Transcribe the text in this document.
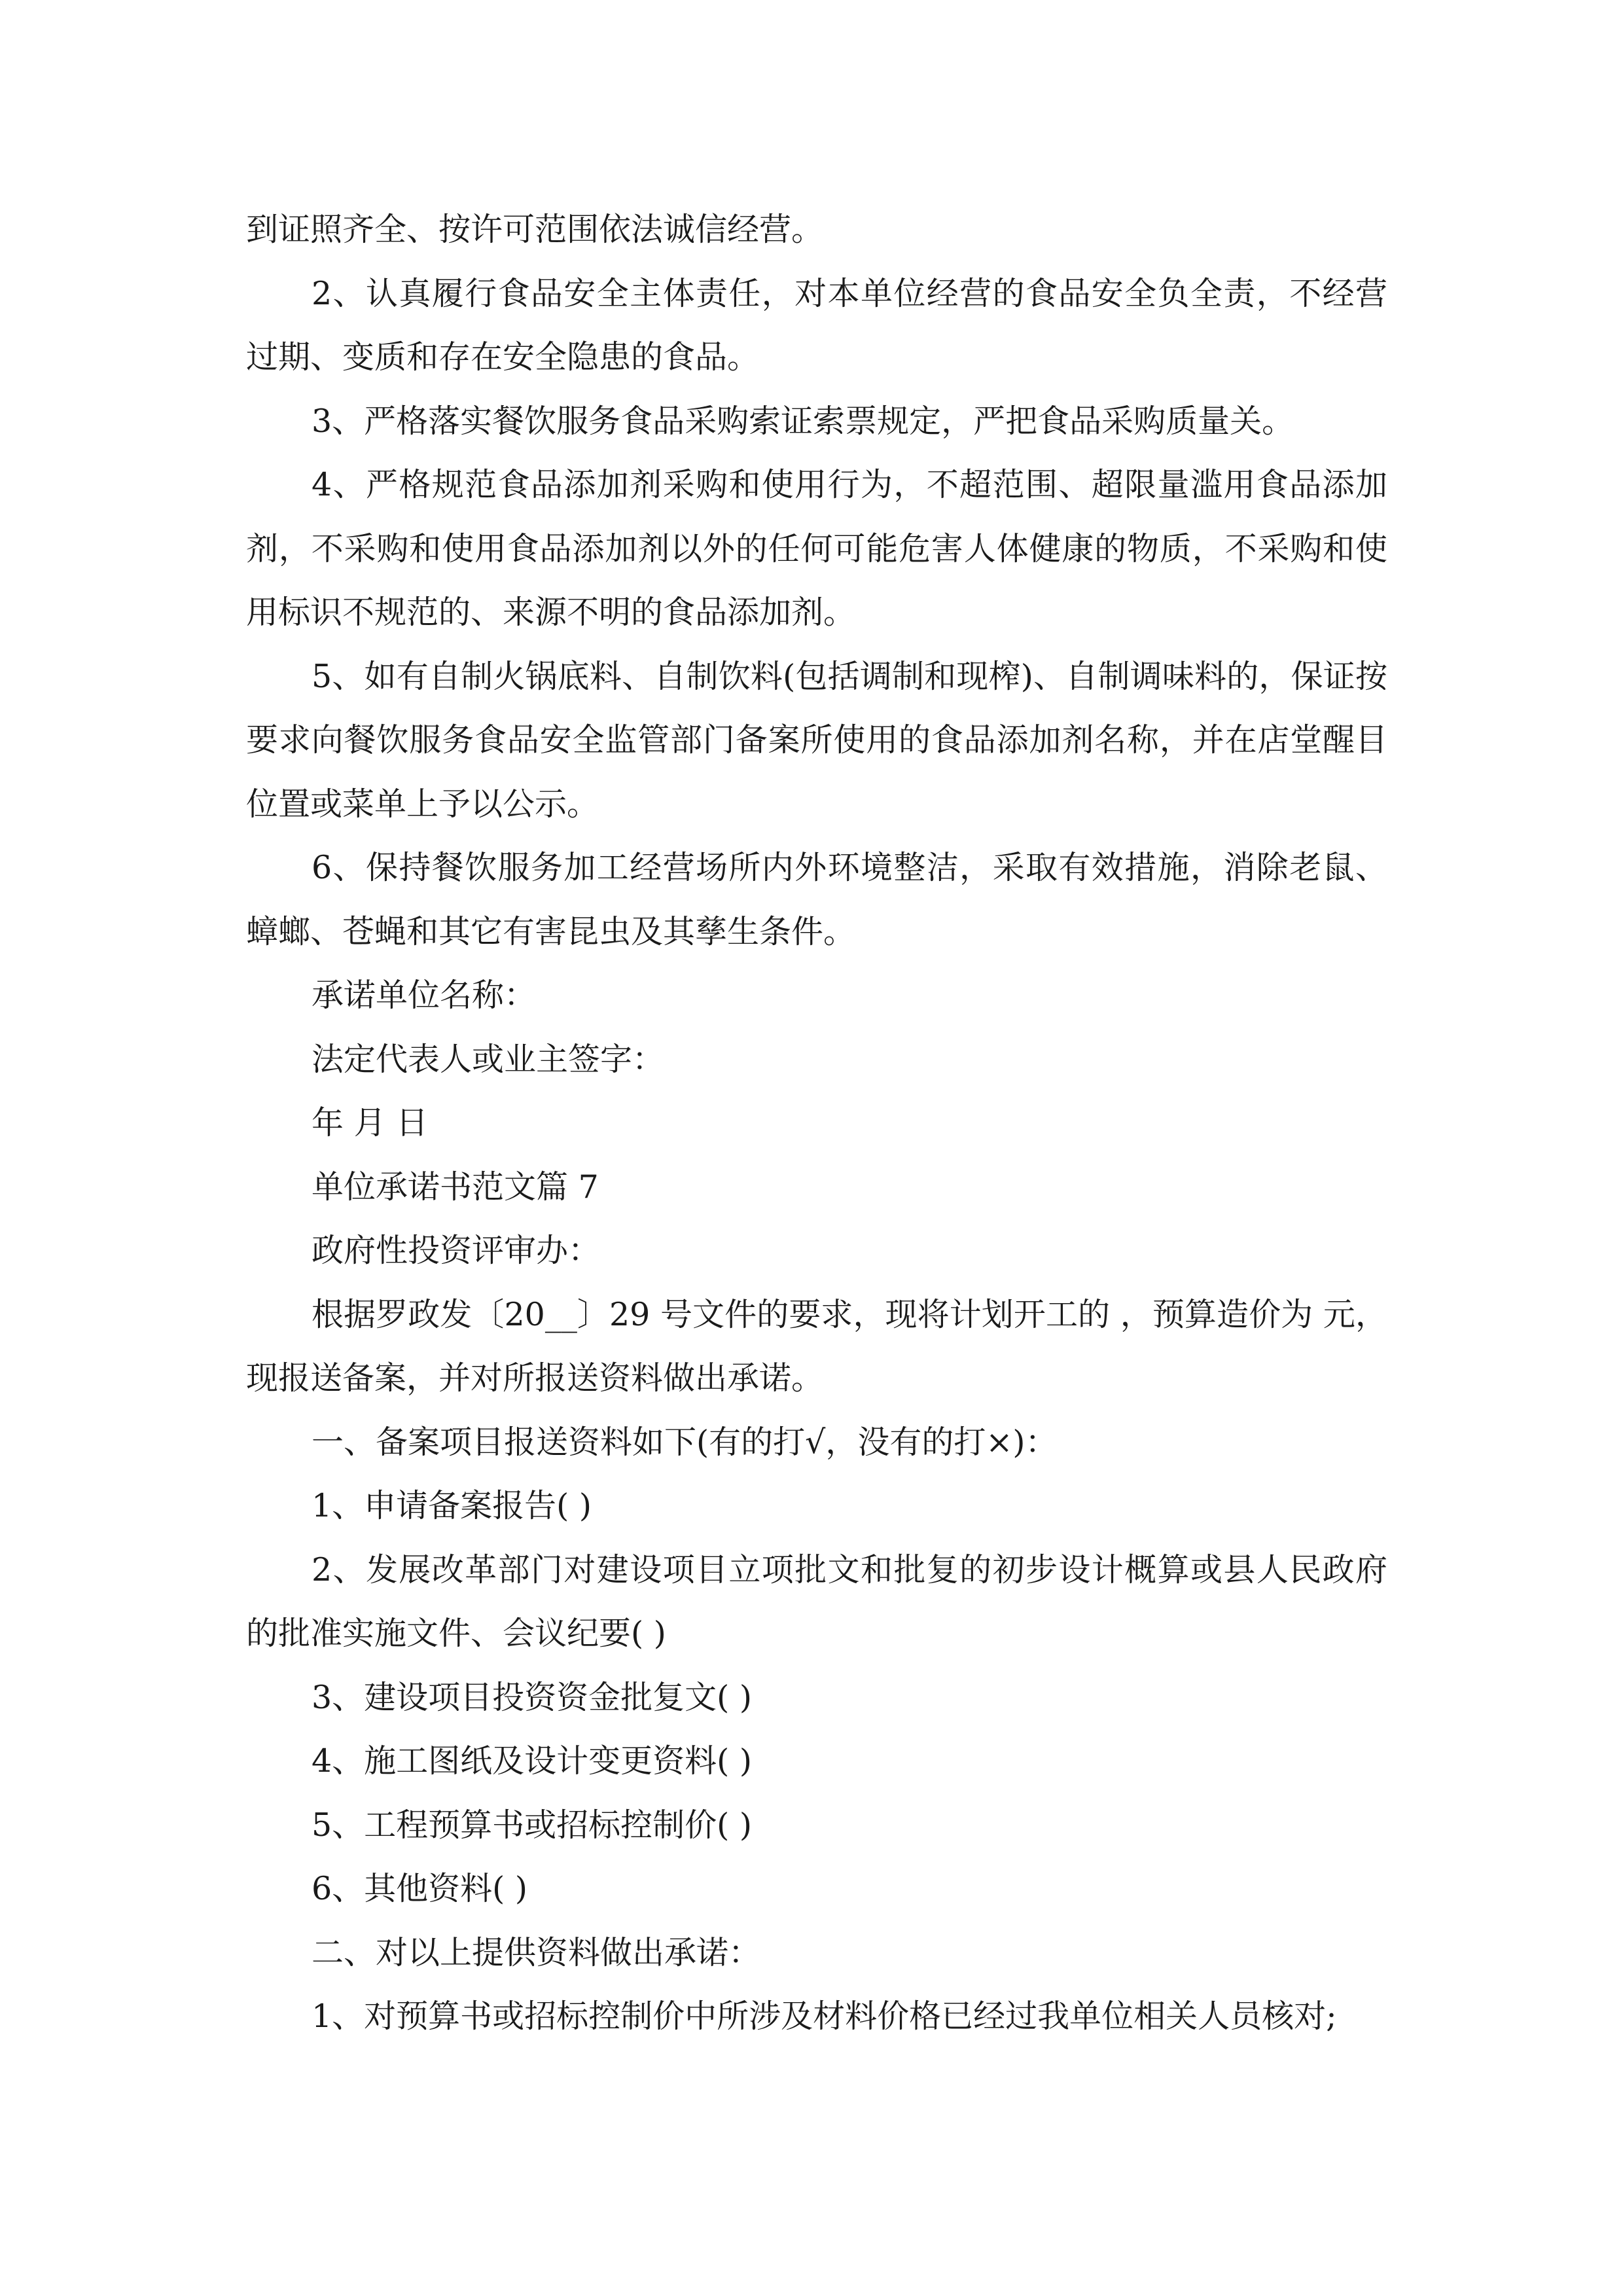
到证照齐全、按许可范围依法诚信经营。

2、认真履行食品安全主体责任，对本单位经营的食品安全负全责，不经营过期、变质和存在安全隐患的食品。

3、严格落实餐饮服务食品采购索证索票规定，严把食品采购质量关。

4、严格规范食品添加剂采购和使用行为，不超范围、超限量滥用食品添加剂，不采购和使用食品添加剂以外的任何可能危害人体健康的物质，不采购和使用标识不规范的、来源不明的食品添加剂。

5、如有自制火锅底料、自制饮料(包括调制和现榨)、自制调味料的，保证按要求向餐饮服务食品安全监管部门备案所使用的食品添加剂名称，并在店堂醒目位置或菜单上予以公示。

6、保持餐饮服务加工经营场所内外环境整洁，采取有效措施，消除老鼠、蟑螂、苍蝇和其它有害昆虫及其孳生条件。

承诺单位名称：

法定代表人或业主签字：

年 月 日

单位承诺书范文篇 7

政府性投资评审办：

根据罗政发〔20__〕29 号文件的要求，现将计划开工的 ，预算造价为 元，现报送备案，并对所报送资料做出承诺。

一、备案项目报送资料如下(有的打√，没有的打×)：

1、申请备案报告( )

2、发展改革部门对建设项目立项批文和批复的初步设计概算或县人民政府的批准实施文件、会议纪要( )

3、建设项目投资资金批复文( )

4、施工图纸及设计变更资料( )

5、工程预算书或招标控制价( )

6、其他资料( )

二、对以上提供资料做出承诺：

1、对预算书或招标控制价中所涉及材料价格已经过我单位相关人员核对;
